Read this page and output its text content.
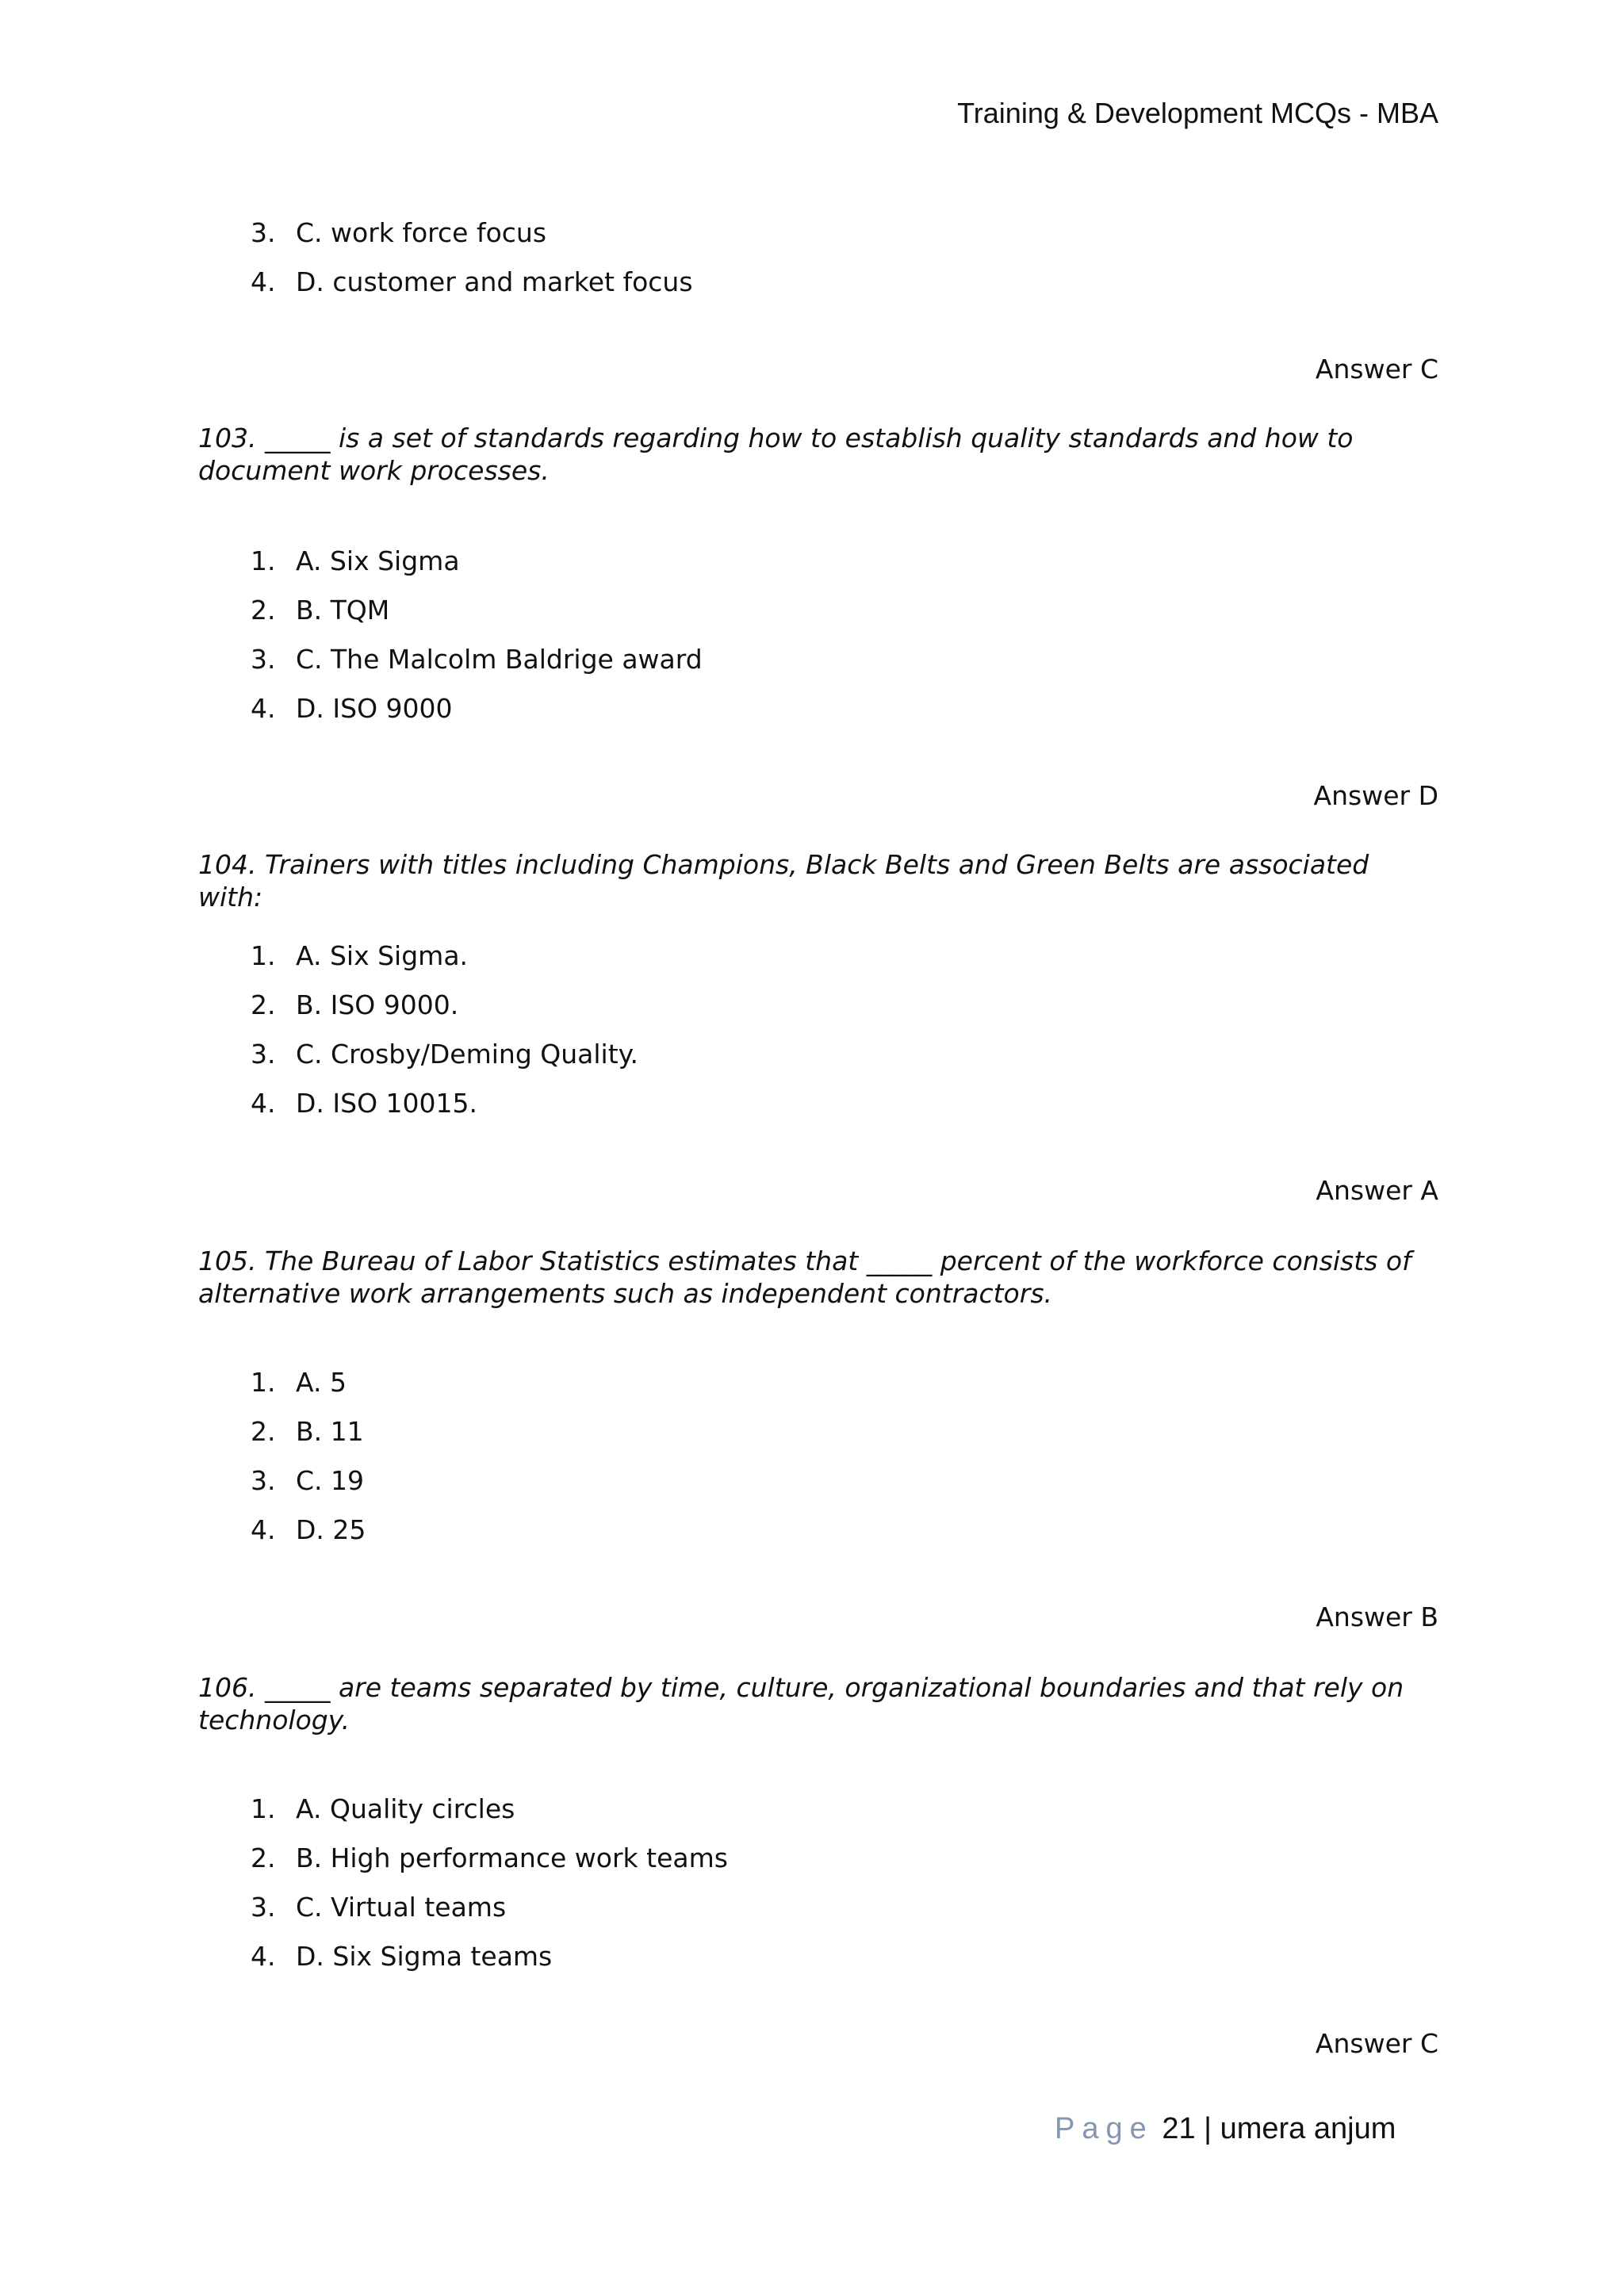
Training & Development MCQs - MBA
3. C. work force focus
4. D. customer and market focus
Answer C
103. _____ is a set of standards regarding how to establish quality standards and how to document work processes.
1. A. Six Sigma
2. B. TQM
3. C. The Malcolm Baldrige award
4. D. ISO 9000
Answer D
104. Trainers with titles including Champions, Black Belts and Green Belts are associated with:
1. A. Six Sigma.
2. B. ISO 9000.
3. C. Crosby/Deming Quality.
4. D. ISO 10015.
Answer A
105. The Bureau of Labor Statistics estimates that _____ percent of the workforce consists of alternative work arrangements such as independent contractors.
1. A. 5
2. B. 11
3. C. 19
4. D. 25
Answer B
106. _____ are teams separated by time, culture, organizational boundaries and that rely on technology.
1. A. Quality circles
2. B. High performance work teams
3. C. Virtual teams
4. D. Six Sigma teams
Answer C
Page 21 | umera anjum
